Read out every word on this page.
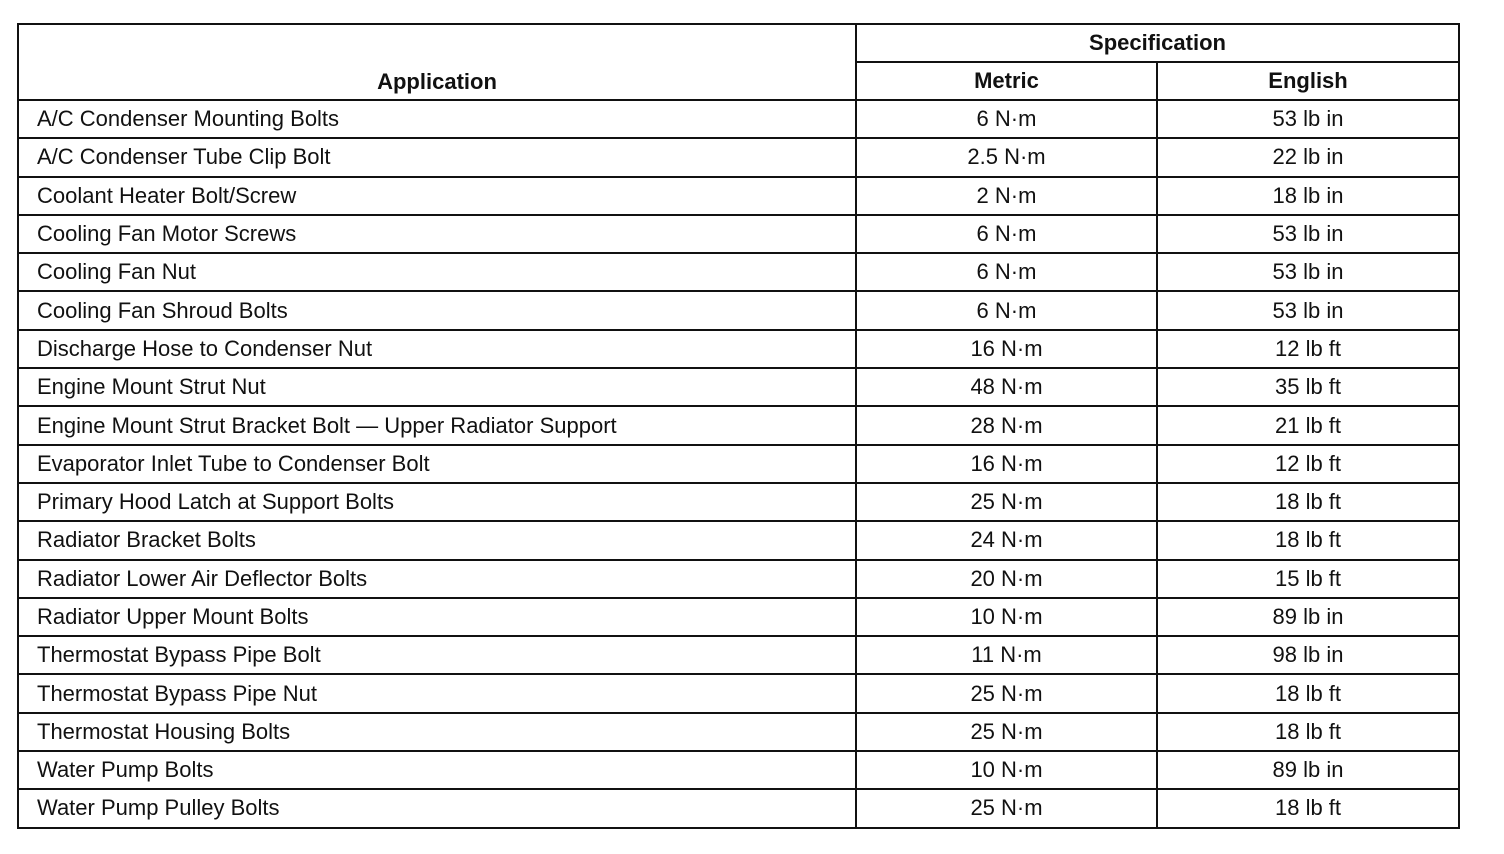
Application	Specification	
	Metric	English
A/C Condenser Mounting Bolts	6 N·m	53 lb in
A/C Condenser Tube Clip Bolt	2.5 N·m	22 lb in
Coolant Heater Bolt/Screw	2 N·m	18 lb in
Cooling Fan Motor Screws	6 N·m	53 lb in
Cooling Fan Nut	6 N·m	53 lb in
Cooling Fan Shroud Bolts	6 N·m	53 lb in
Discharge Hose to Condenser Nut	16 N·m	12 lb ft
Engine Mount Strut Nut	48 N·m	35 lb ft
Engine Mount Strut Bracket Bolt — Upper Radiator Support	28 N·m	21 lb ft
Evaporator Inlet Tube to Condenser Bolt	16 N·m	12 lb ft
Primary Hood Latch at Support Bolts	25 N·m	18 lb ft
Radiator Bracket Bolts	24 N·m	18 lb ft
Radiator Lower Air Deflector Bolts	20 N·m	15 lb ft
Radiator Upper Mount Bolts	10 N·m	89 lb in
Thermostat Bypass Pipe Bolt	11 N·m	98 lb in
Thermostat Bypass Pipe Nut	25 N·m	18 lb ft
Thermostat Housing Bolts	25 N·m	18 lb ft
Water Pump Bolts	10 N·m	89 lb in
Water Pump Pulley Bolts	25 N·m	18 lb ft
